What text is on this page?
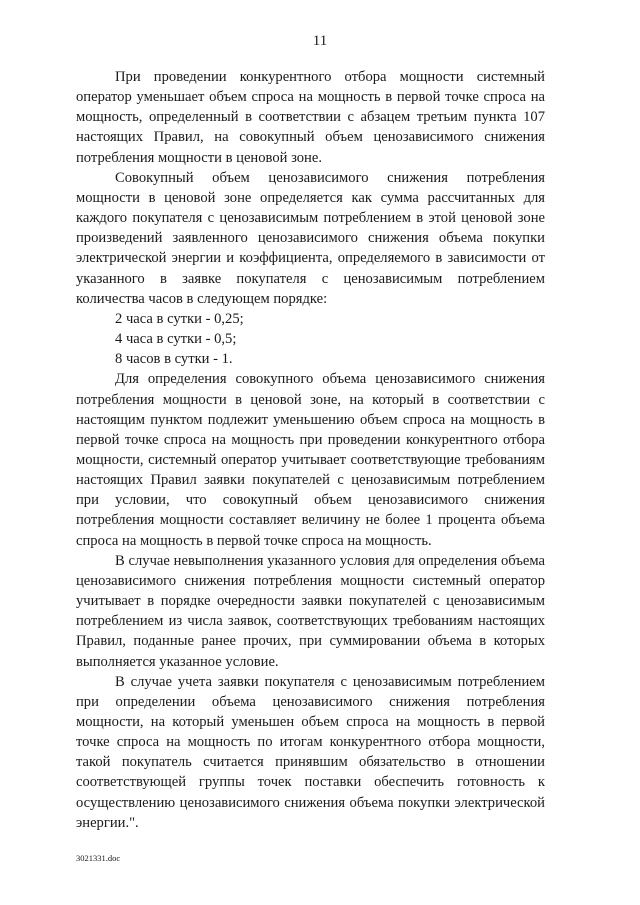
11

При проведении конкурентного отбора мощности системный оператор уменьшает объем спроса на мощность в первой точке спроса на мощность, определенный в соответствии с абзацем третьим пункта 107 настоящих Правил, на совокупный объем ценозависимого снижения потребления мощности в ценовой зоне.

Совокупный объем ценозависимого снижения потребления мощности в ценовой зоне определяется как сумма рассчитанных для каждого покупателя с ценозависимым потреблением в этой ценовой зоне произведений заявленного ценозависимого снижения объема покупки электрической энергии и коэффициента, определяемого в зависимости от указанного в заявке покупателя с ценозависимым потреблением количества часов в следующем порядке:

2 часа в сутки - 0,25;

4 часа в сутки - 0,5;

8 часов в сутки - 1.

Для определения совокупного объема ценозависимого снижения потребления мощности в ценовой зоне, на который в соответствии с настоящим пунктом подлежит уменьшению объем спроса на мощность в первой точке спроса на мощность при проведении конкурентного отбора мощности, системный оператор учитывает соответствующие требованиям настоящих Правил заявки покупателей с ценозависимым потреблением при условии, что совокупный объем ценозависимого снижения потребления мощности составляет величину не более 1 процента объема спроса на мощность в первой точке спроса на мощность.

В случае невыполнения указанного условия для определения объема ценозависимого снижения потребления мощности системный оператор учитывает в порядке очередности заявки покупателей с ценозависимым потреблением из числа заявок, соответствующих требованиям настоящих Правил, поданные ранее прочих, при суммировании объема в которых выполняется указанное условие.

В случае учета заявки покупателя с ценозависимым потреблением при определении объема ценозависимого снижения потребления мощности, на который уменьшен объем спроса на мощность в первой точке спроса на мощность по итогам конкурентного отбора мощности, такой покупатель считается принявшим обязательство в отношении соответствующей группы точек поставки обеспечить готовность к осуществлению ценозависимого снижения объема покупки электрической энергии.".

3021331.doc
